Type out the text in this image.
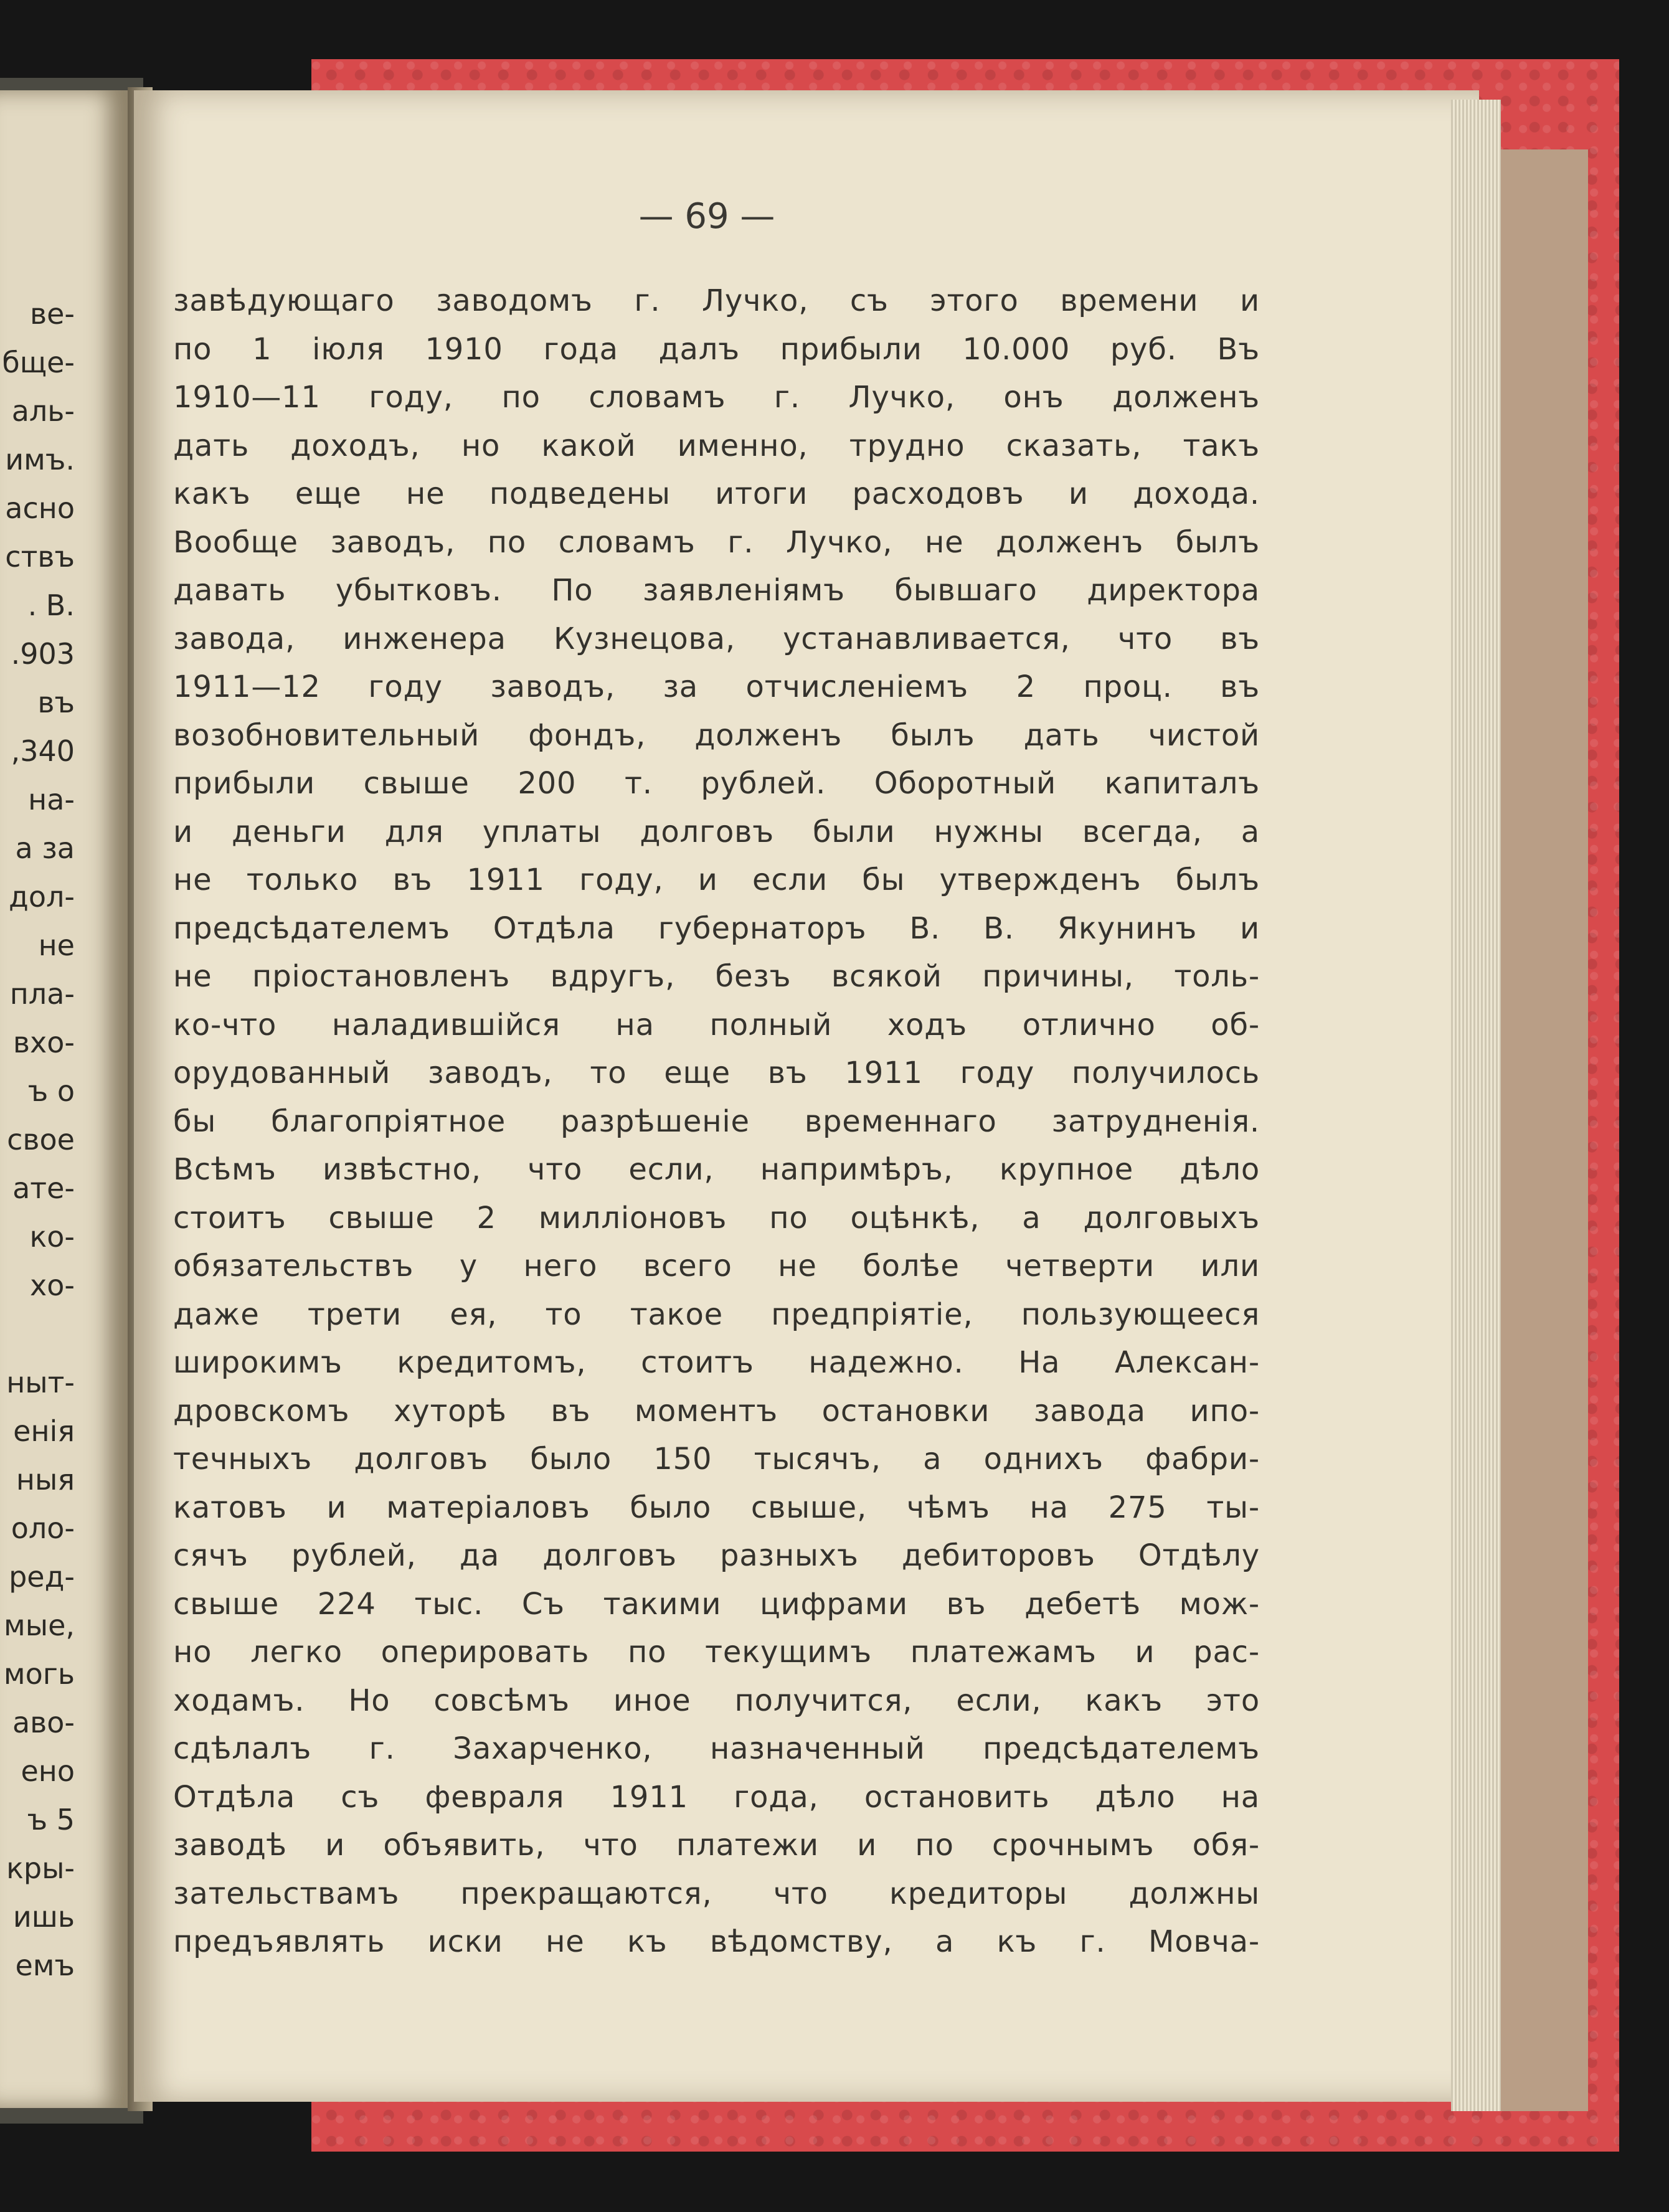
ве-
бще-
аль-
имъ.
асно
ствъ
. В.
.903
въ
,340
на-
а за
дол-
не
пла-
вхо-
ъ о
свое
ате-
ко-
хо-
ныт-
енія
ныя
оло-
ред-
мые,
могь
аво-
ено
ъ 5
кры-
ишь
емъ
— 69 —
завѣдующаго заводомъ г. Лучко, съ этого времени и
по 1 іюля 1910 года далъ прибыли 10.000 руб. Въ
1910—11 году, по словамъ г. Лучко, онъ долженъ
дать доходъ, но какой именно, трудно сказать, такъ
какъ еще не подведены итоги расходовъ и дохода.
Вообще заводъ, по словамъ г. Лучко, не долженъ былъ
давать убытковъ. По заявленіямъ бывшаго директора
завода, инженера Кузнецова, устанавливается, что въ
1911—12 году заводъ, за отчисленіемъ 2 проц. въ
возобновительный фондъ, долженъ былъ дать чистой
прибыли свыше 200 т. рублей. Оборотный капиталъ
и деньги для уплаты долговъ были нужны всегда, а
не только въ 1911 году, и если бы утвержденъ былъ
предсѣдателемъ Отдѣла губернаторъ В. В. Якунинъ и
не пріостановленъ вдругъ, безъ всякой причины, толь-
ко-что наладившійся на полный ходъ отлично об-
орудованный заводъ, то еще въ 1911 году получилось
бы благопріятное разрѣшеніе временнаго затрудненія.
Всѣмъ извѣстно, что если, напримѣръ, крупное дѣло
стоитъ свыше 2 милліоновъ по оцѣнкѣ, а долговыхъ
обязательствъ у него всего не болѣе четверти или
даже трети ея, то такое предпріятіе, пользующееся
широкимъ кредитомъ, стоитъ надежно. На Алексан-
дровскомъ хуторѣ въ моментъ остановки завода ипо-
течныхъ долговъ было 150 тысячъ, а однихъ фабри-
катовъ и матеріаловъ было свыше, чѣмъ на 275 ты-
сячъ рублей, да долговъ разныхъ дебиторовъ Отдѣлу
свыше 224 тыс. Съ такими цифрами въ дебетѣ мож-
но легко оперировать по текущимъ платежамъ и рас-
ходамъ. Но совсѣмъ иное получится, если, какъ это
сдѣлалъ г. Захарченко, назначенный предсѣдателемъ
Отдѣла съ февраля 1911 года, остановить дѣло на
заводѣ и объявить, что платежи и по срочнымъ обя-
зательствамъ прекращаются, что кредиторы должны
предъявлять иски не къ вѣдомству, а къ г. Мовча-
